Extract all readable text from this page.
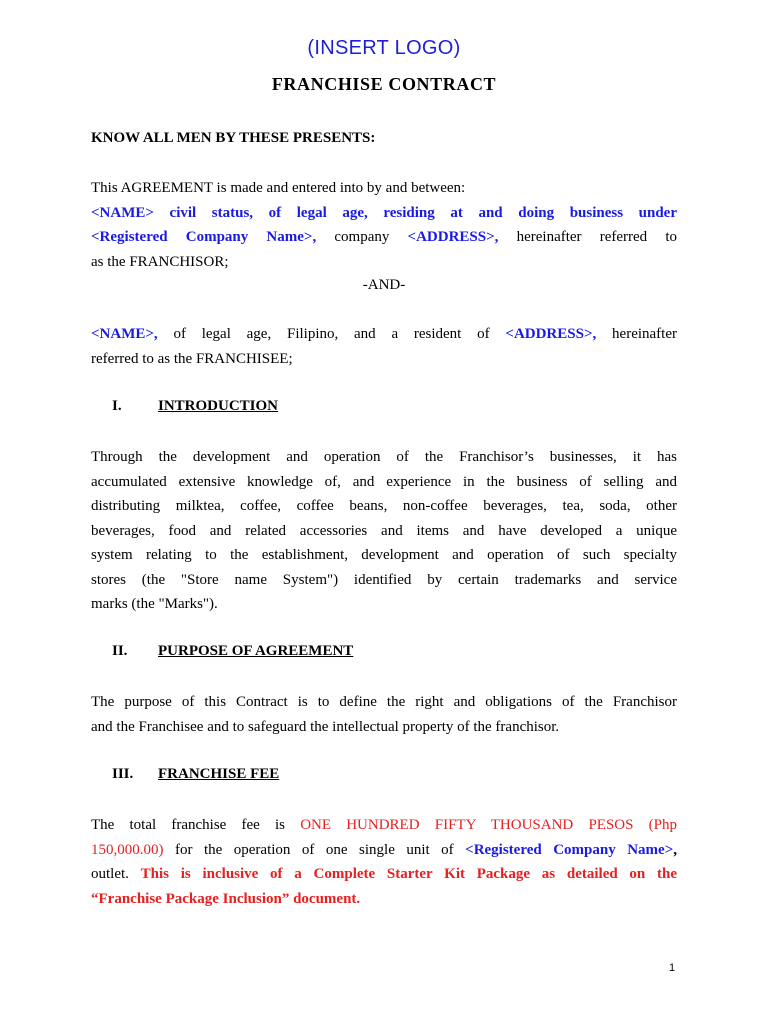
(INSERT LOGO)
FRANCHISE CONTRACT
KNOW ALL MEN BY THESE PRESENTS:
This AGREEMENT is made and entered into by and between:
<NAME> civil status, of legal age, residing at and doing business under
<Registered Company Name>, company <ADDRESS>, hereinafter referred to
as the FRANCHISOR;
-AND-
<NAME>, of legal age, Filipino, and a resident of <ADDRESS>, hereinafter
referred to as the FRANCHISEE;
I. INTRODUCTION
Through the development and operation of the Franchisor’s businesses, it has
accumulated extensive knowledge of, and experience in the business of selling and
distributing milktea, coffee, coffee beans, non-coffee beverages, tea, soda, other
beverages, food and related accessories and items and have developed a unique
system relating to the establishment, development and operation of such specialty
stores (the "Store name System") identified by certain trademarks and service
marks (the "Marks").
II. PURPOSE OF AGREEMENT
The purpose of this Contract is to define the right and obligations of the Franchisor
and the Franchisee and to safeguard the intellectual property of the franchisor.
III. FRANCHISE FEE
The total franchise fee is ONE HUNDRED FIFTY THOUSAND PESOS (Php
150,000.00) for the operation of one single unit of <Registered Company Name>,
outlet. This is inclusive of a Complete Starter Kit Package as detailed on the
“Franchise Package Inclusion” document.
1
